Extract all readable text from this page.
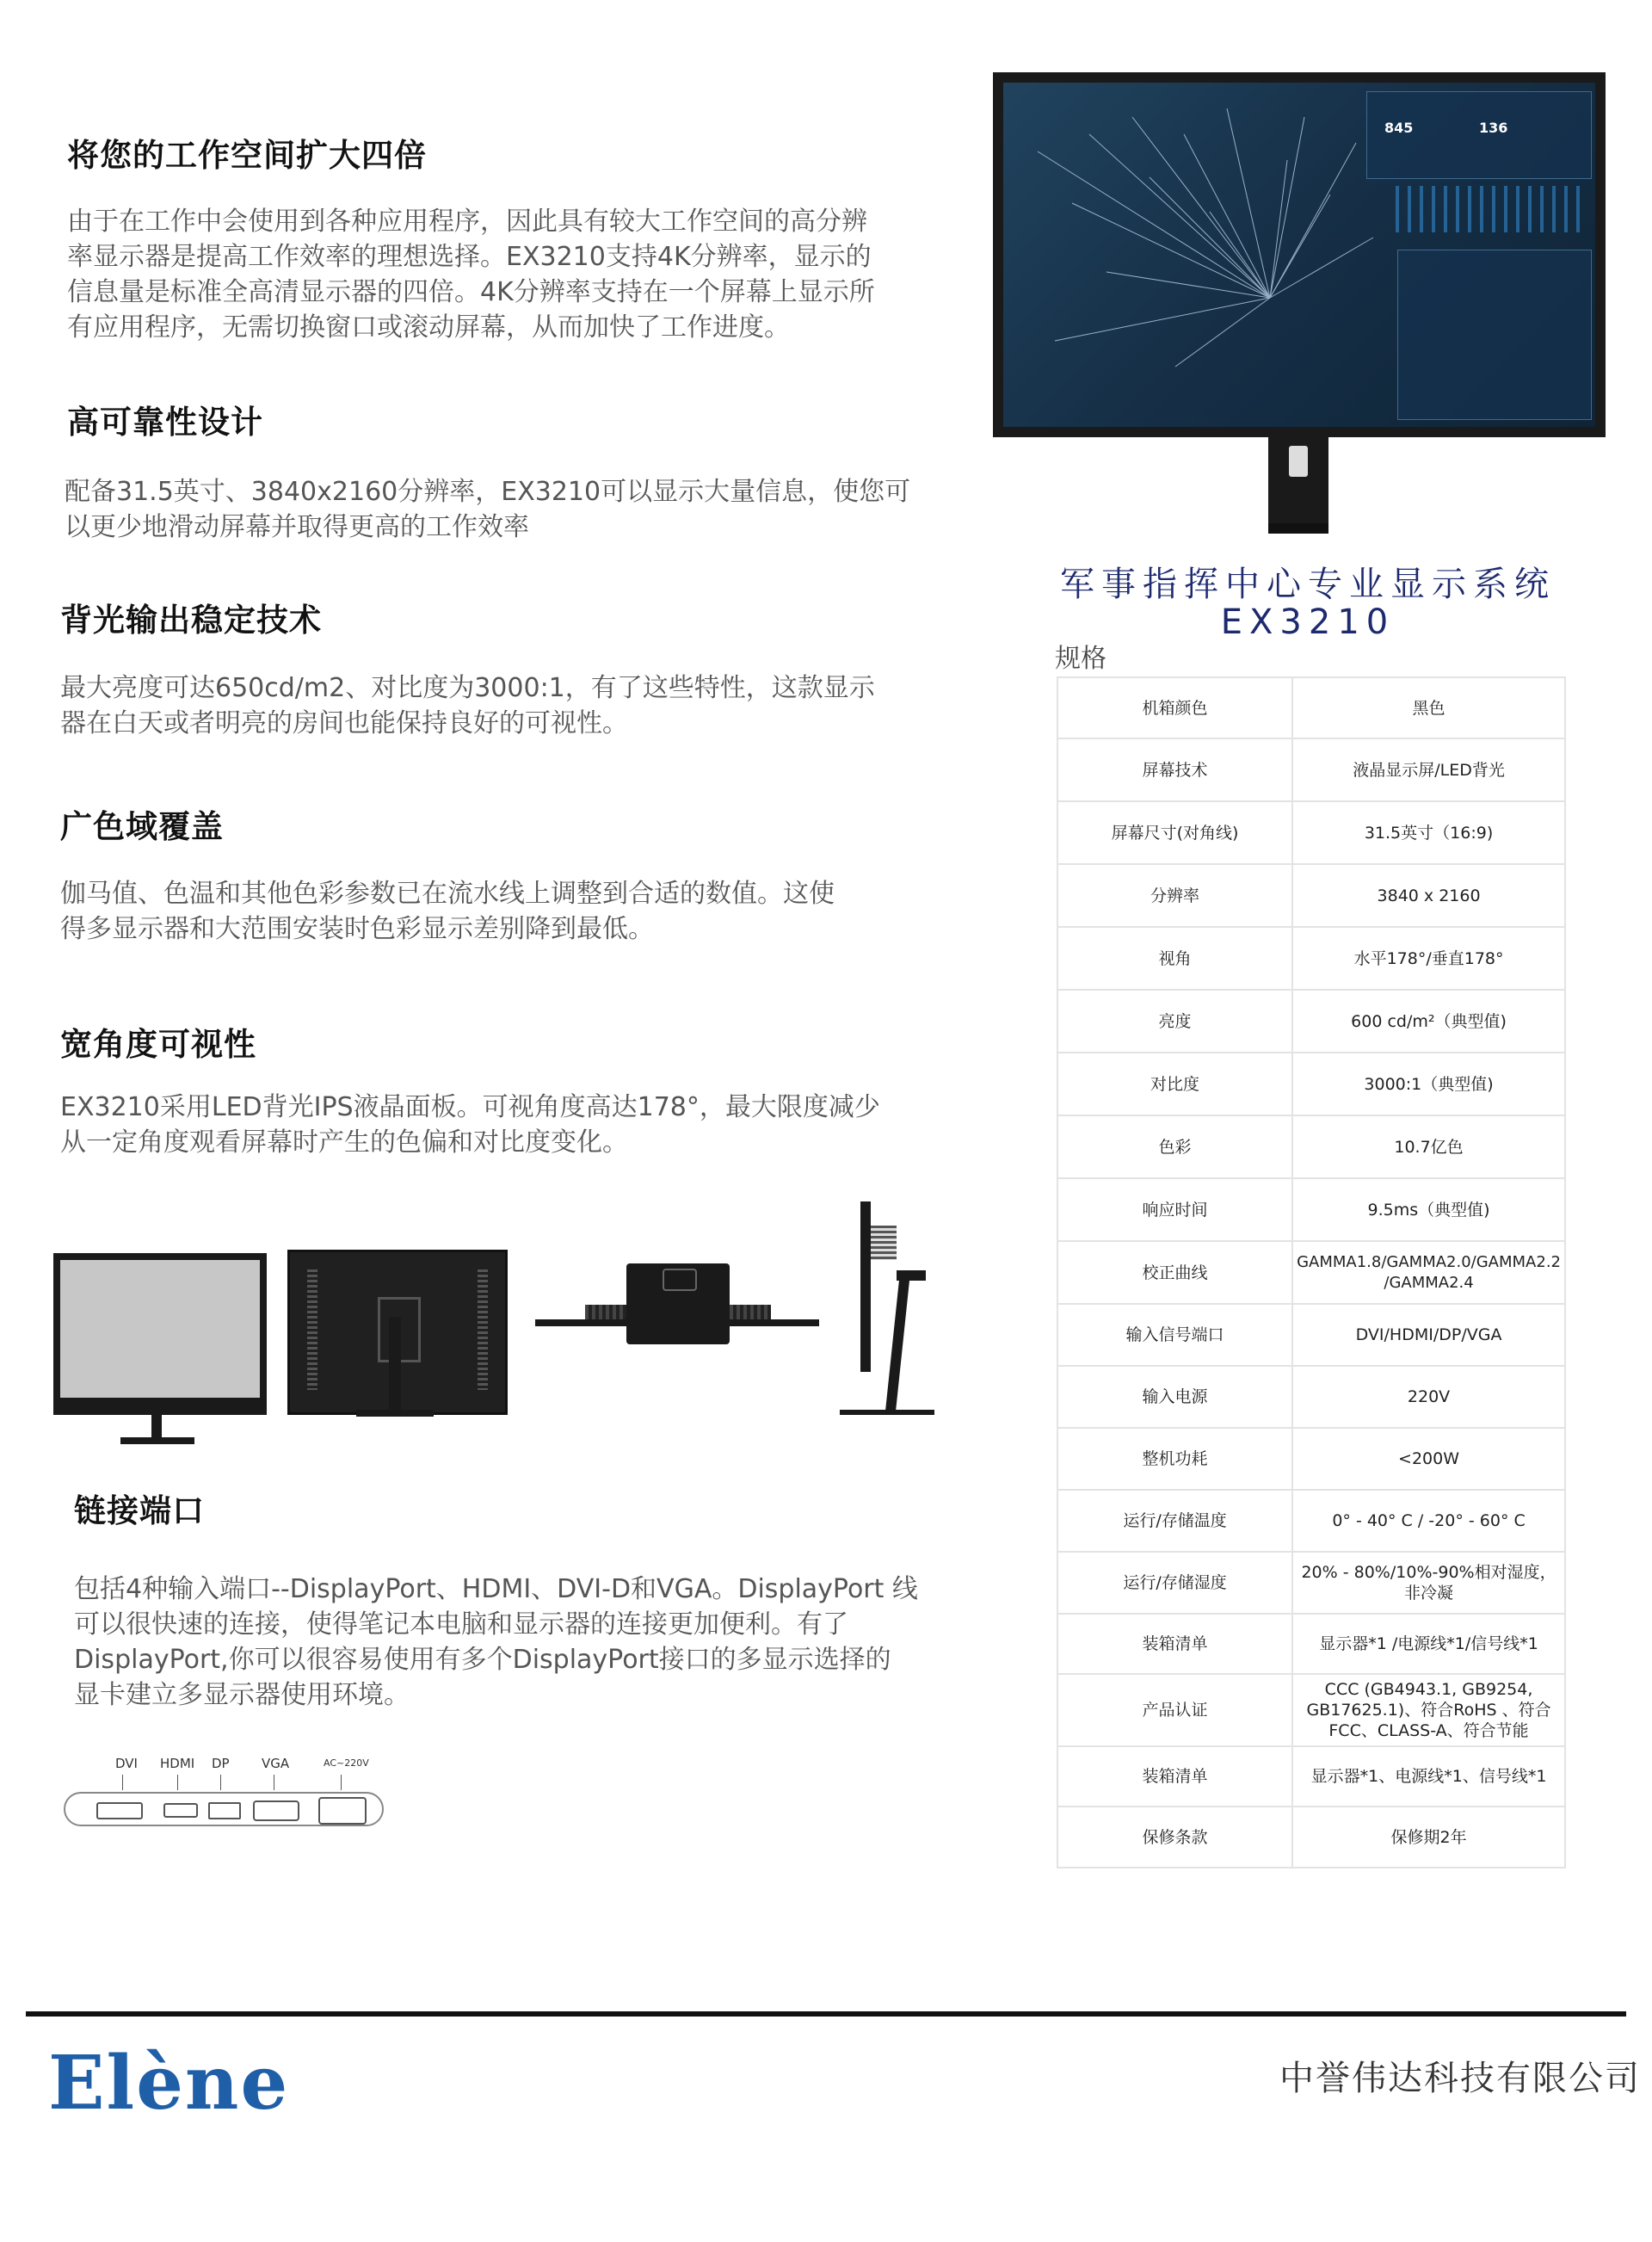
将您的工作空间扩大四倍
由于在工作中会使用到各种应用程序，因此具有较大工作空间的高分辨
率显示器是提高工作效率的理想选择。EX3210支持4K分辨率，显示的
信息量是标准全高清显示器的四倍。4K分辨率支持在一个屏幕上显示所
有应用程序，无需切换窗口或滚动屏幕，从而加快了工作进度。
高可靠性设计
配备31.5英寸、3840x2160分辨率，EX3210可以显示大量信息，使您可
以更少地滑动屏幕并取得更高的工作效率
背光输出稳定技术
最大亮度可达650cd/m2、对比度为3000:1，有了这些特性，这款显示
器在白天或者明亮的房间也能保持良好的可视性。
广色域覆盖
伽马值、色温和其他色彩参数已在流水线上调整到合适的数值。这使
得多显示器和大范围安装时色彩显示差别降到最低。
宽角度可视性
EX3210采用LED背光IPS液晶面板。可视角度高达178°，最大限度减少
从一定角度观看屏幕时产生的色偏和对比度变化。
链接端口
包括4种输入端口--DisplayPort、HDMI、DVI-D和VGA。DisplayPort 线
可以很快速的连接，使得笔记本电脑和显示器的连接更加便利。有了
DisplayPort,你可以很容易使用有多个DisplayPort接口的多显示选择的
显卡建立多显示器使用环境。
DVI HDMI DP VGA	AC~220V
845	136
军事指挥中心专业显示系统
EX3210
规格
机箱颜色	黑色
屏幕技术	液晶显示屏/LED背光
屏幕尺寸(对角线)	31.5英寸（16:9)
分辨率	3840 x 2160
视角	水平178°/垂直178°
亮度	600 cd/m²（典型值)
对比度	3000:1（典型值)
色彩	10.7亿色
响应时间	9.5ms（典型值)
校正曲线	GAMMA1.8/GAMMA2.0/GAMMA2.2 /GAMMA2.4
输入信号端口	DVI/HDMI/DP/VGA
输入电源	220V
整机功耗	<200W
运行/存储温度	0° - 40° C / -20° - 60° C
运行/存储湿度	20% - 80%/10%-90%相对湿度，非冷凝
装箱清单	显示器*1 /电源线*1/信号线*1
产品认证	CCC (GB4943.1, GB9254, GB17625.1)、符合RoHS 、符合FCC、CLASS-A、符合节能
装箱清单	显示器*1、电源线*1、信号线*1
保修条款	保修期2年
Elène	中誉伟达科技有限公司
